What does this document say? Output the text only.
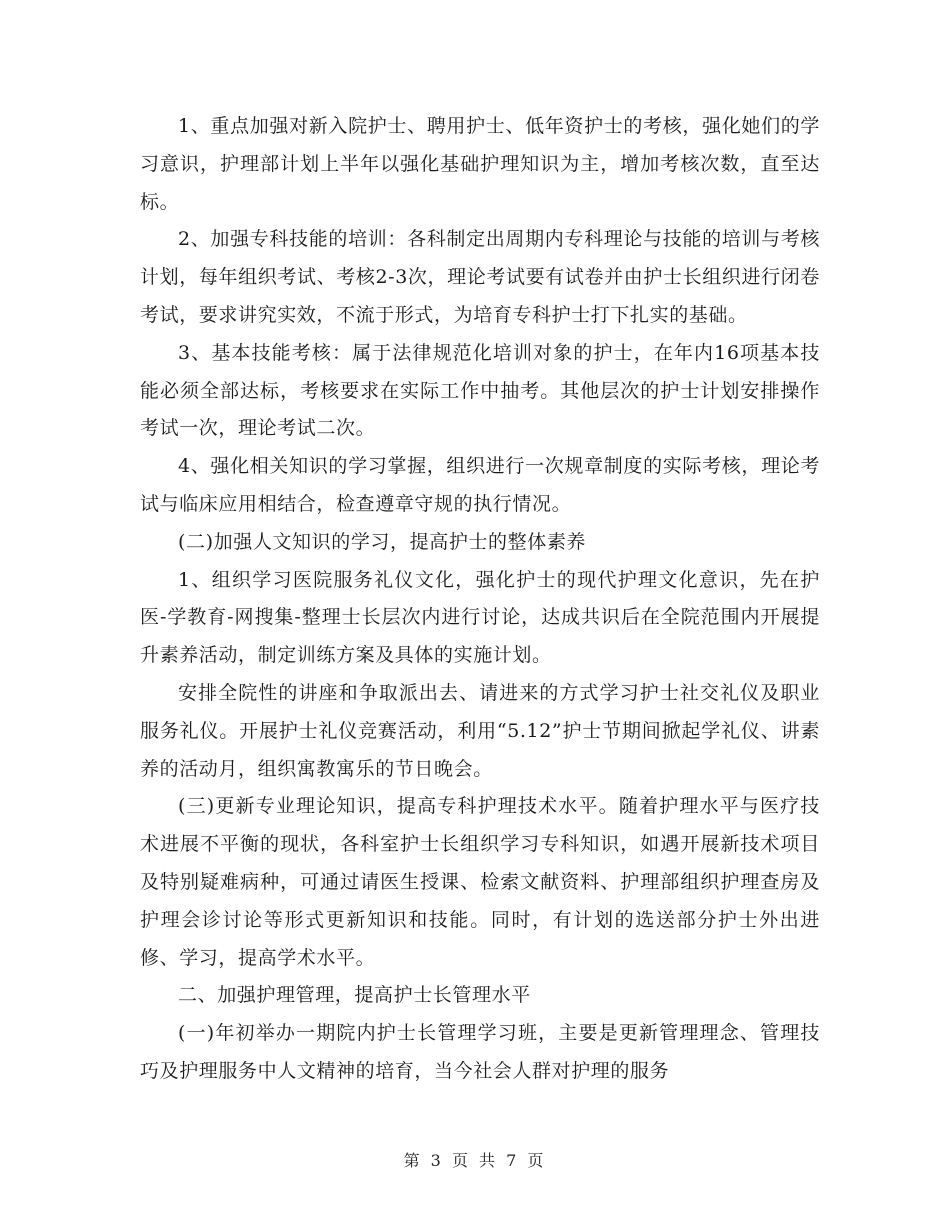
1、重点加强对新入院护士、聘用护士、低年资护士的考核，强化她们的学习意识，护理部计划上半年以强化基础护理知识为主，增加考核次数，直至达标。

2、加强专科技能的培训：各科制定出周期内专科理论与技能的培训与考核计划，每年组织考试、考核2-3次，理论考试要有试卷并由护士长组织进行闭卷考试，要求讲究实效，不流于形式，为培育专科护士打下扎实的基础。

3、基本技能考核：属于法律规范化培训对象的护士，在年内16项基本技能必须全部达标，考核要求在实际工作中抽考。其他层次的护士计划安排操作考试一次，理论考试二次。

4、强化相关知识的学习掌握，组织进行一次规章制度的实际考核，理论考试与临床应用相结合，检查遵章守规的执行情况。

(二)加强人文知识的学习，提高护士的整体素养

1、组织学习医院服务礼仪文化，强化护士的现代护理文化意识，先在护医-学教育-网搜集-整理士长层次内进行讨论，达成共识后在全院范围内开展提升素养活动，制定训练方案及具体的实施计划。

安排全院性的讲座和争取派出去、请进来的方式学习护士社交礼仪及职业服务礼仪。开展护士礼仪竞赛活动，利用“5.12”护士节期间掀起学礼仪、讲素养的活动月，组织寓教寓乐的节日晚会。

(三)更新专业理论知识，提高专科护理技术水平。随着护理水平与医疗技术进展不平衡的现状，各科室护士长组织学习专科知识，如遇开展新技术项目及特别疑难病种，可通过请医生授课、检索文献资料、护理部组织护理查房及护理会诊讨论等形式更新知识和技能。同时，有计划的选送部分护士外出进修、学习，提高学术水平。

二、加强护理管理，提高护士长管理水平

(一)年初举办一期院内护士长管理学习班，主要是更新管理理念、管理技巧及护理服务中人文精神的培育，当今社会人群对护理的服务

第 3 页 共 7 页
